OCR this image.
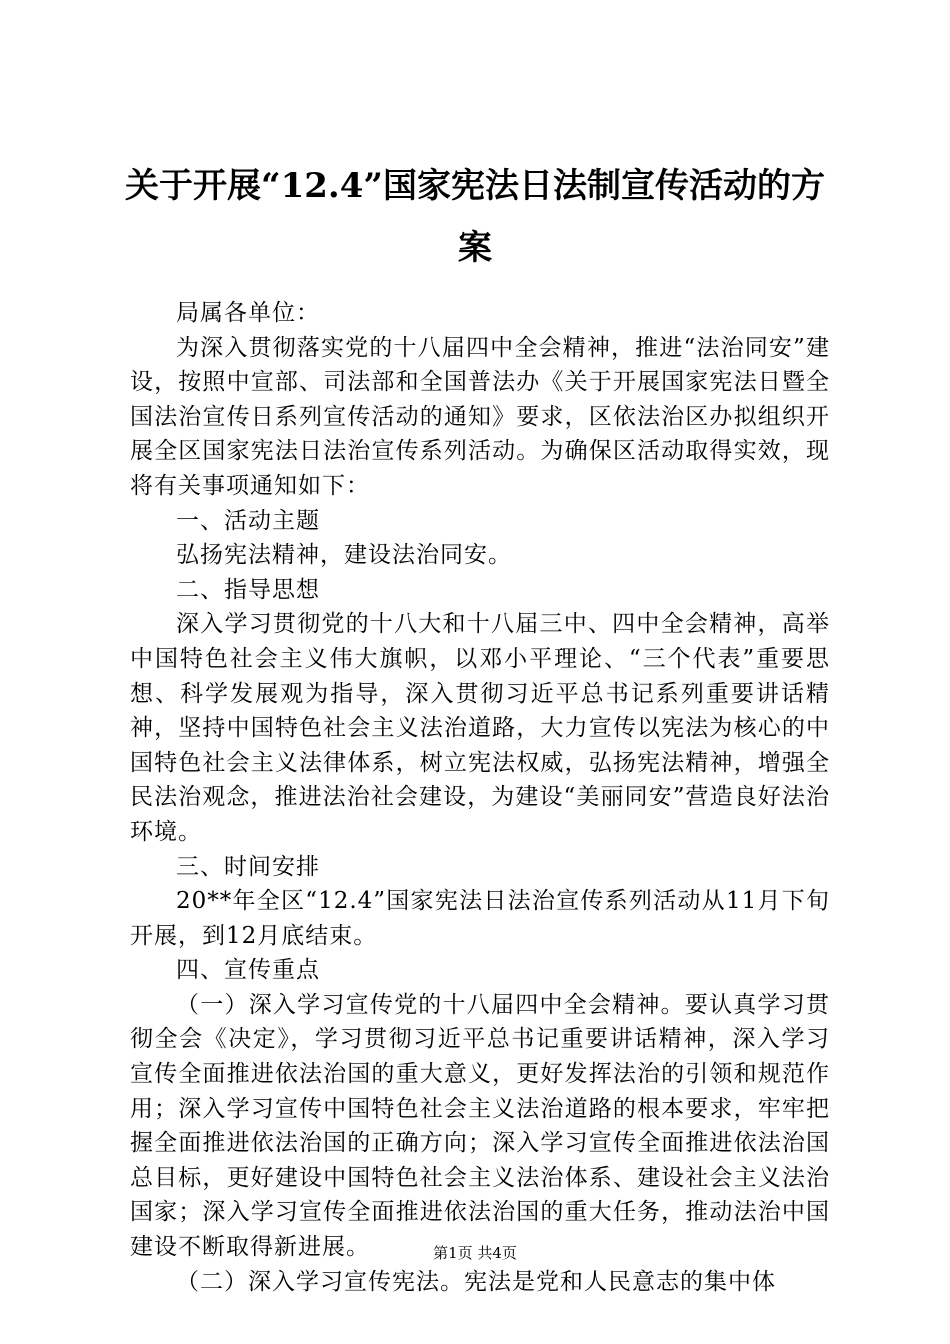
关于开展“12.4”国家宪法日法制宣传活动的方案

局属各单位：

为深入贯彻落实党的十八届四中全会精神，推进“法治同安”建设，按照中宣部、司法部和全国普法办《关于开展国家宪法日暨全国法治宣传日系列宣传活动的通知》要求，区依法治区办拟组织开展全区国家宪法日法治宣传系列活动。为确保区活动取得实效，现将有关事项通知如下：

一、活动主题

弘扬宪法精神，建设法治同安。

二、指导思想

深入学习贯彻党的十八大和十八届三中、四中全会精神，高举中国特色社会主义伟大旗帜，以邓小平理论、“三个代表”重要思想、科学发展观为指导，深入贯彻习近平总书记系列重要讲话精神，坚持中国特色社会主义法治道路，大力宣传以宪法为核心的中国特色社会主义法律体系，树立宪法权威，弘扬宪法精神，增强全民法治观念，推进法治社会建设，为建设“美丽同安”营造良好法治环境。

三、时间安排

20**年全区“12.4”国家宪法日法治宣传系列活动从11月下旬开展，到12月底结束。

四、宣传重点

（一）深入学习宣传党的十八届四中全会精神。要认真学习贯彻全会《决定》，学习贯彻习近平总书记重要讲话精神，深入学习宣传全面推进依法治国的重大意义，更好发挥法治的引领和规范作用；深入学习宣传中国特色社会主义法治道路的根本要求，牢牢把握全面推进依法治国的正确方向；深入学习宣传全面推进依法治国总目标，更好建设中国特色社会主义法治体系、建设社会主义法治国家；深入学习宣传全面推进依法治国的重大任务，推动法治中国建设不断取得新进展。

（二）深入学习宣传宪法。宪法是党和人民意志的集中体

第1页 共4页
